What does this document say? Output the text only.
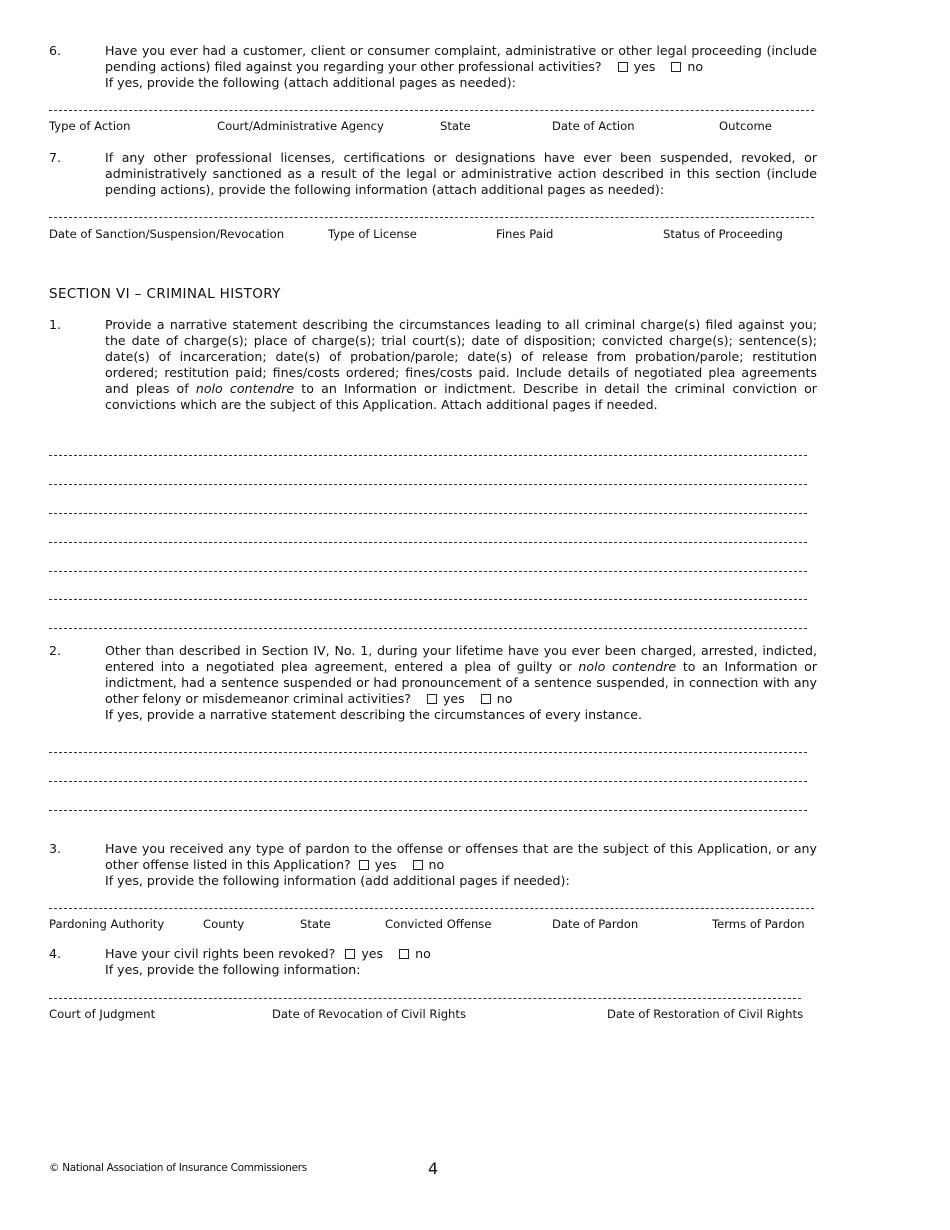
6.	Have you ever had a customer, client or consumer complaint, administrative or other legal proceeding (include pending actions) filed against you regarding your other professional activities?	yes	no
If yes, provide the following (attach additional pages as needed):
Type of Action	Court/Administrative Agency	State	Date of Action	Outcome
7.	If any other professional licenses, certifications or designations have ever been suspended, revoked, or administratively sanctioned as a result of the legal or administrative action described in this section (include pending actions), provide the following information (attach additional pages as needed):
Date of Sanction/Suspension/Revocation	Type of License	Fines Paid	Status of Proceeding
SECTION VI – CRIMINAL HISTORY
1.	Provide a narrative statement describing the circumstances leading to all criminal charge(s) filed against you; the date of charge(s); place of charge(s); trial court(s); date of disposition; convicted charge(s); sentence(s); date(s) of incarceration; date(s) of probation/parole; date(s) of release from probation/parole; restitution ordered; restitution paid; fines/costs ordered; fines/costs paid. Include details of negotiated plea agreements and pleas of nolo contendre to an Information or indictment. Describe in detail the criminal conviction or convictions which are the subject of this Application. Attach additional pages if needed.
2.	Other than described in Section IV, No. 1, during your lifetime have you ever been charged, arrested, indicted, entered into a negotiated plea agreement, entered a plea of guilty or nolo contendre to an Information or indictment, had a sentence suspended or had pronouncement of a sentence suspended, in connection with any other felony or misdemeanor criminal activities?	yes	no
If yes, provide a narrative statement describing the circumstances of every instance.
3.	Have you received any type of pardon to the offense or offenses that are the subject of this Application, or any other offense listed in this Application? yes	no
If yes, provide the following information (add additional pages if needed):
Pardoning Authority	County	State	Convicted Offense	Date of Pardon	Terms of Pardon
4.	Have your civil rights been revoked? yes	no
If yes, provide the following information:
Court of Judgment	Date of Revocation of Civil Rights	Date of Restoration of Civil Rights
© National Association of Insurance Commissioners	4
